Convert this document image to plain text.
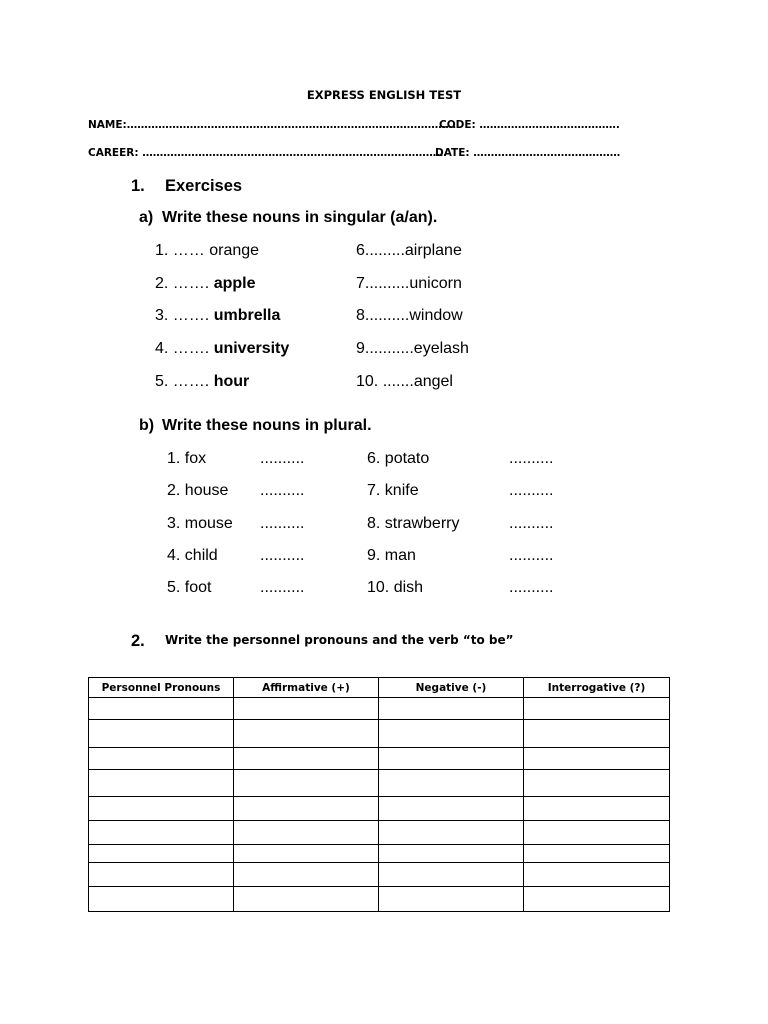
EXPRESS ENGLISH TEST
NAME:………………………………………………………………………………….
CODE: ………………………………….
CAREER: ……………………………………………………………………………
DATE: ……………………………………
1. Exercises
a) Write these nouns in singular (a/an).
1. …… orange
2. ……. apple
3. ……. umbrella
4. ……. university
5. ……. hour
6.........airplane
7..........unicorn
8..........window
9...........eyelash
10. .......angel
b) Write these nouns in plural.
1. fox	..........
2. house ..........
3. mouse ..........
4. child	..........
5. foot	..........
6. potato	..........
7. knife	..........
8. strawberry	..........
9. man	..........
10. dish	..........
2. Write the personnel pronouns and the verb “to be”
Personnel Pronouns	Affirmative (+)	Negative (-)	Interrogative (?)
